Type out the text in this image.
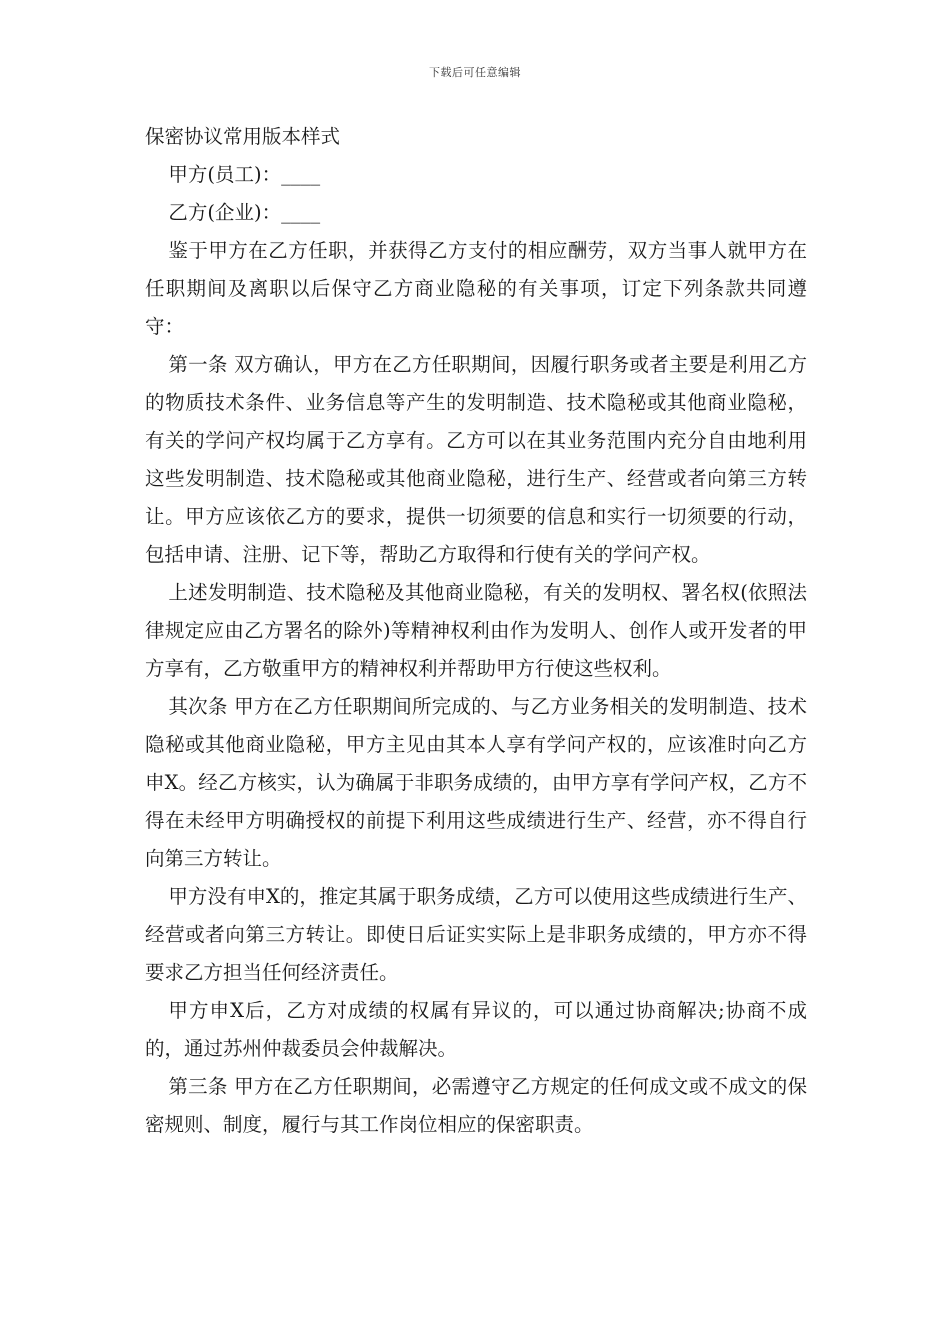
下载后可任意编辑
保密协议常用版本样式

甲方(员工)：____

乙方(企业)：____

鉴于甲方在乙方任职，并获得乙方支付的相应酬劳，双方当事人就甲方在任职期间及离职以后保守乙方商业隐秘的有关事项，订定下列条款共同遵守：

第一条 双方确认，甲方在乙方任职期间，因履行职务或者主要是利用乙方的物质技术条件、业务信息等产生的发明制造、技术隐秘或其他商业隐秘，有关的学问产权均属于乙方享有。乙方可以在其业务范围内充分自由地利用这些发明制造、技术隐秘或其他商业隐秘，进行生产、经营或者向第三方转让。甲方应该依乙方的要求，提供一切须要的信息和实行一切须要的行动，包括申请、注册、记下等，帮助乙方取得和行使有关的学问产权。

上述发明制造、技术隐秘及其他商业隐秘，有关的发明权、署名权(依照法律规定应由乙方署名的除外)等精神权利由作为发明人、创作人或开发者的甲方享有，乙方敬重甲方的精神权利并帮助甲方行使这些权利。

其次条 甲方在乙方任职期间所完成的、与乙方业务相关的发明制造、技术隐秘或其他商业隐秘，甲方主见由其本人享有学问产权的，应该准时向乙方申X。经乙方核实，认为确属于非职务成绩的，由甲方享有学问产权，乙方不得在未经甲方明确授权的前提下利用这些成绩进行生产、经营，亦不得自行向第三方转让。

甲方没有申X的，推定其属于职务成绩，乙方可以使用这些成绩进行生产、经营或者向第三方转让。即使日后证实实际上是非职务成绩的，甲方亦不得要求乙方担当任何经济责任。

甲方申X后，乙方对成绩的权属有异议的，可以通过协商解决;协商不成的，通过苏州仲裁委员会仲裁解决。

第三条 甲方在乙方任职期间，必需遵守乙方规定的任何成文或不成文的保密规则、制度，履行与其工作岗位相应的保密职责。
